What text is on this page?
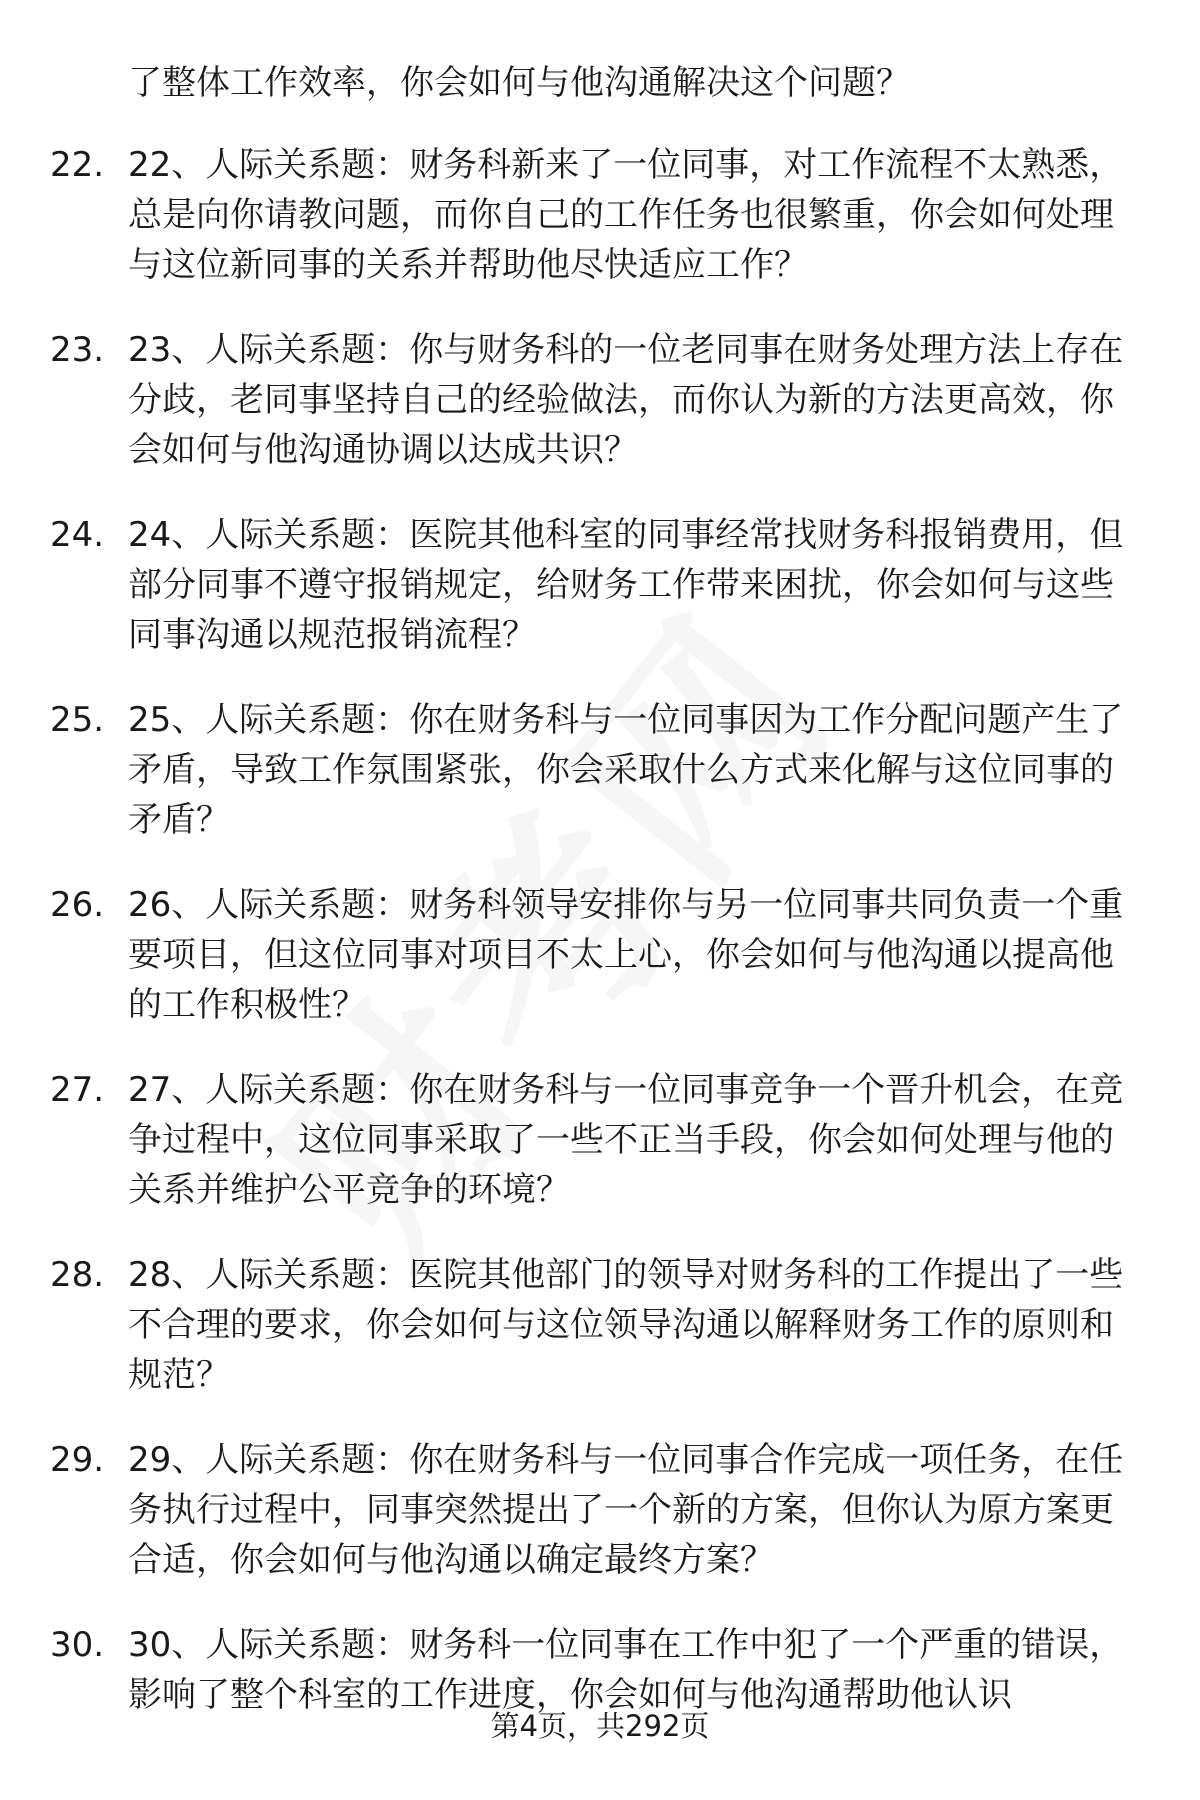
了整体工作效率，你会如何与他沟通解决这个问题？
22. 22、人际关系题：财务科新来了一位同事，对工作流程不太熟悉，总是向你请教问题，而你自己的工作任务也很繁重，你会如何处理与这位新同事的关系并帮助他尽快适应工作？
23. 23、人际关系题：你与财务科的一位老同事在财务处理方法上存在分歧，老同事坚持自己的经验做法，而你认为新的方法更高效，你会如何与他沟通协调以达成共识？
24. 24、人际关系题：医院其他科室的同事经常找财务科报销费用，但部分同事不遵守报销规定，给财务工作带来困扰，你会如何与这些同事沟通以规范报销流程？
25. 25、人际关系题：你在财务科与一位同事因为工作分配问题产生了矛盾，导致工作氛围紧张，你会采取什么方式来化解与这位同事的矛盾？
26. 26、人际关系题：财务科领导安排你与另一位同事共同负责一个重要项目，但这位同事对项目不太上心，你会如何与他沟通以提高他的工作积极性？
27. 27、人际关系题：你在财务科与一位同事竞争一个晋升机会，在竞争过程中，这位同事采取了一些不正当手段，你会如何处理与他的关系并维护公平竞争的环境？
28. 28、人际关系题：医院其他部门的领导对财务科的工作提出了一些不合理的要求，你会如何与这位领导沟通以解释财务工作的原则和规范？
29. 29、人际关系题：你在财务科与一位同事合作完成一项任务，在任务执行过程中，同事突然提出了一个新的方案，但你认为原方案更合适，你会如何与他沟通以确定最终方案？
30. 30、人际关系题：财务科一位同事在工作中犯了一个严重的错误，影响了整个科室的工作进度，你会如何与他沟通帮助他认识
第4页，共292页
